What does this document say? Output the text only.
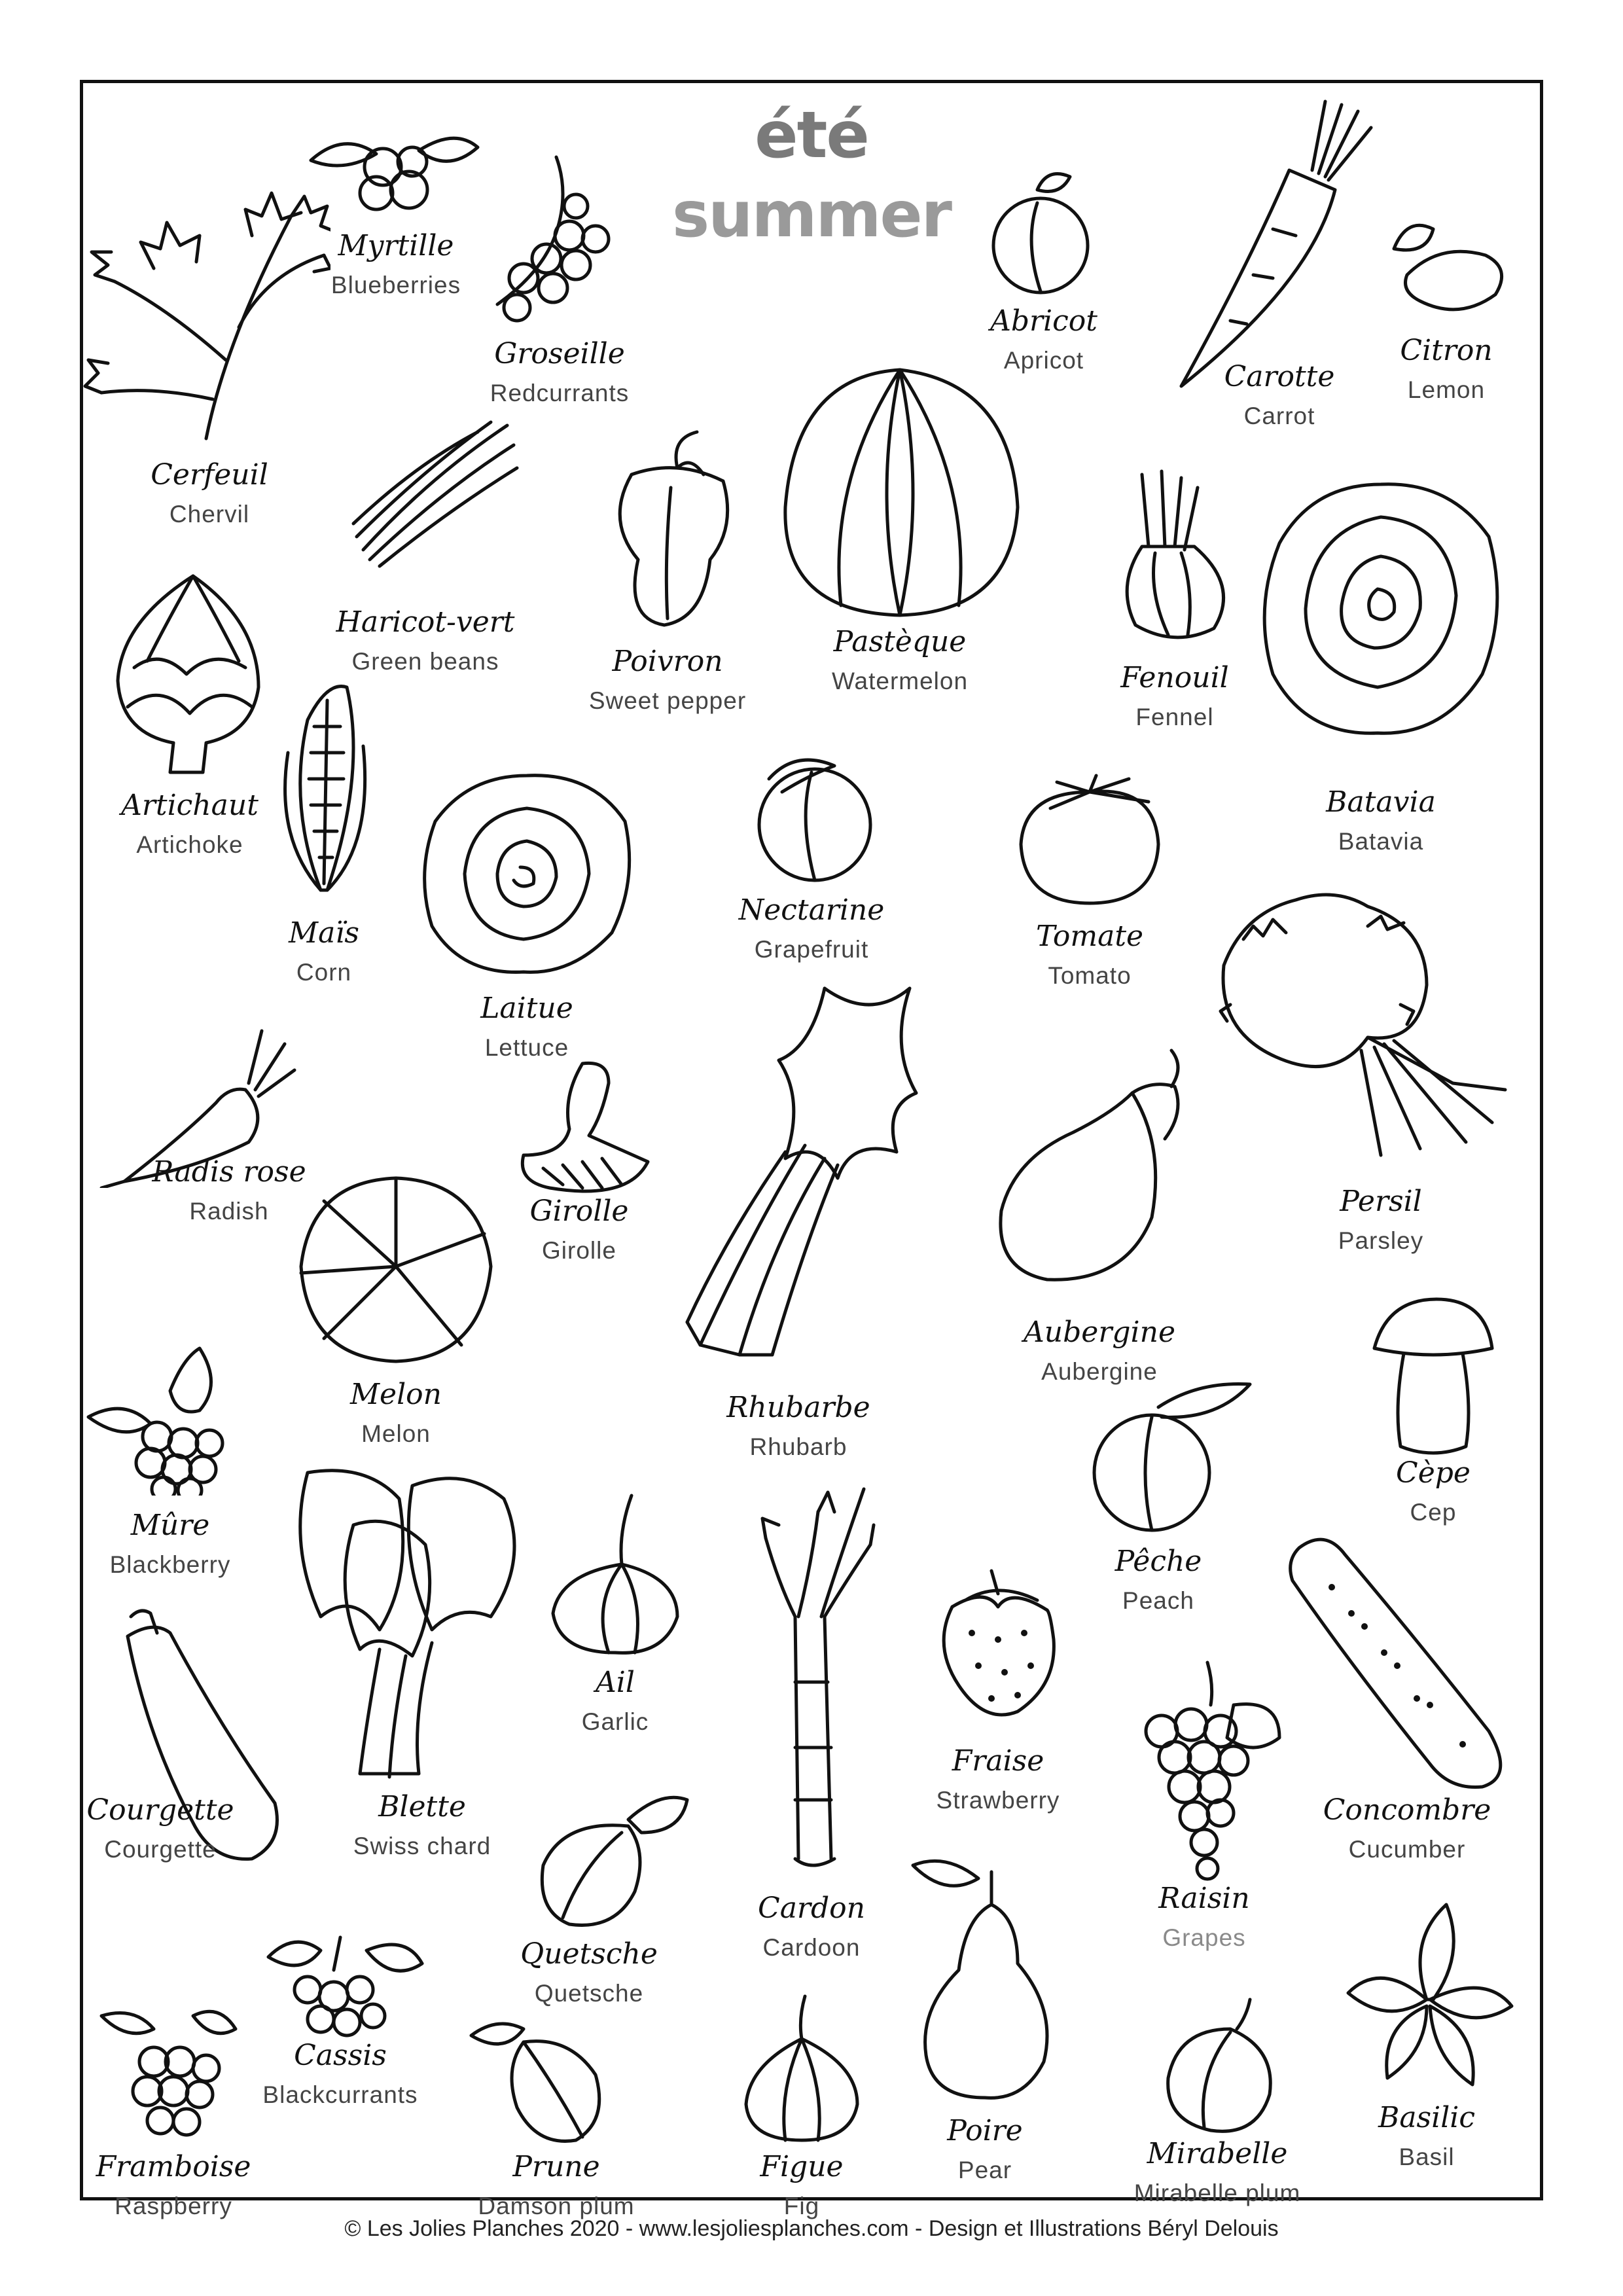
été
summer
Myrtille
Blueberries
Groseille
Redcurrants
Abricot
Apricot	Carotte
Carrot
Citron
Lemon
Cerfeuil
Chervil
Haricot-vert
Green beans	Poivron
Sweet pepper
Pastèque
Watermelon	Fenouil
Fennel
Batavia
Batavia
Artichaut
Artichoke
Maïs
Corn
Laitue
Lettuce
Nectarine
Grapefruit	Tomate
Tomato
Persil
Parsley
Radis rose
Radish	Girolle
Girolle
Melon
Melon
Rhubarbe
Rhubarb
Aubergine
Aubergine
Cèpe
Cep
Mûre
Blackberry	Pêche
Peach
Ail
Garlic
Courgette
Courgette
Blette
Swiss chard
Fraise
Strawberry	Concombre
Cucumber
Cardon
Cardoon
Raisin
Grapes
Quetsche
Quetsche
Cassis
Blackcurrants
Basilic
Basil
Framboise
Raspberry
Prune
Damson plum
Figue
Fig
Poire
Pear	Mirabelle
Mirabelle plum
© Les Jolies Planches 2020 - www.lesjoliesplanches.com - Design et Illustrations Béryl Delouis
